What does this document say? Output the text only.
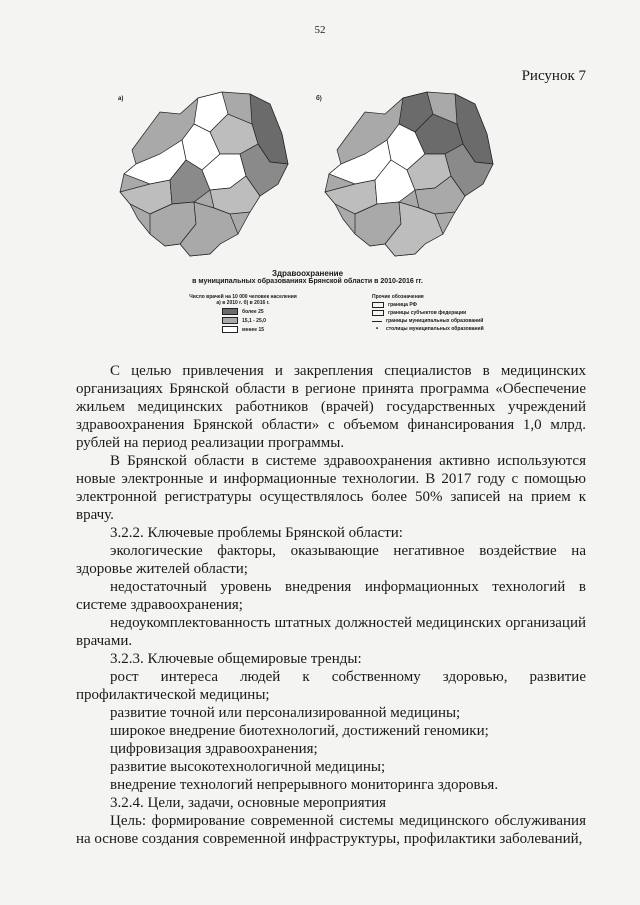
52
Рисунок 7
а)	б)
Здравоохранение
в муниципальных образованиях Брянской области в 2010-2016 гг.
Число врачей на 10 000 человек населения
а) в 2010 г. б) в 2016 г.
более 25
15,1 - 25,0
менее 15
Прочие обозначения
граница РФ
границы субъектов федерации
границы муниципальных образований
•	столицы муниципальных образований

С целью привлечения и закрепления специалистов в медицинских организациях Брянской области в регионе принята программа «Обеспечение жильем медицинских работников (врачей) государственных учреждений здравоохранения Брянской области» с объемом финансирования 1,0 млрд. рублей на период реализации программы.

В Брянской области в системе здравоохранения активно используются новые электронные и информационные технологии. В 2017 году с помощью электронной регистратуры осуществлялось более 50% записей на прием к врачу.

3.2.2. Ключевые проблемы Брянской области:

экологические факторы, оказывающие негативное воздействие на здоровье жителей области;

недостаточный уровень внедрения информационных технологий в системе здравоохранения;

недоукомплектованность штатных должностей медицинских организаций врачами.

3.2.3. Ключевые общемировые тренды:

рост интереса людей к собственному здоровью, развитие профилактической медицины;

развитие точной или персонализированной медицины;

широкое внедрение биотехнологий, достижений геномики;

цифровизация здравоохранения;

развитие высокотехнологичной медицины;

внедрение технологий непрерывного мониторинга здоровья.

3.2.4. Цели, задачи, основные мероприятия

Цель: формирование современной системы медицинского обслуживания на основе создания современной инфраструктуры, профилактики заболеваний,
